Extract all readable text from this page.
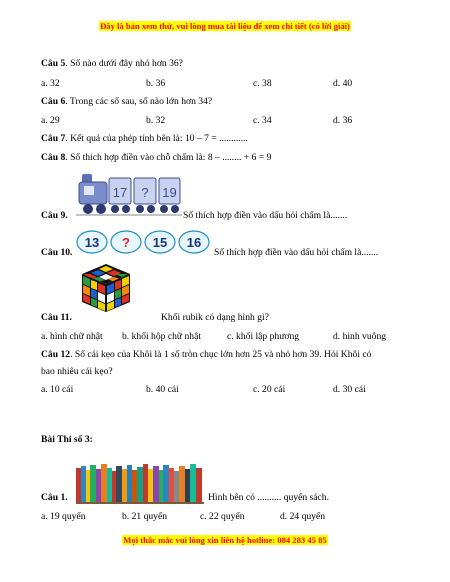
Đây là bản xem thử, vui lòng mua tài liệu để xem chi tiết (có lời giải)
Câu 5. Số nào dưới đây nhỏ hơn 36?
a. 32	b. 36	c. 38	d. 40
Câu 6. Trong các số sau, số nào lớn hơn 34?
a. 29	b. 32	c. 34	d. 36
Câu 7. Kết quả của phép tính bên là: 10 – 7 = ............
Câu 8. Số thích hợp điền vào chỗ chấm là: 8 – ........ + 6 = 9
17 ? 19
Câu 9.	Số thích hợp điền vào dấu hỏi chấm là.......
13 ? 15 16
Câu 10.	Số thích hợp điền vào dấu hỏi chấm là.......
Câu 11.	Khối rubik có dạng hình gì?
a. hình chữ nhật b. khối hộp chữ nhật	c. khối lập phương	d. hình vuông
Câu 12. Số cái kẹo của Khôi là 1 số tròn chục lớn hơn 25 và nhỏ hơn 39. Hỏi Khôi có
bao nhiêu cái kẹo?
a. 10 cái	b. 40 cái	c. 20 cái	d. 30 cái
Bài Thi số 3:
Câu 1.	Hình bên có .......... quyển sách.
a. 19 quyển	b. 21 quyển	c. 22 quyển	d. 24 quyển
Mọi thắc mắc vui lòng xin liên hệ hotline: 084 283 45 85
